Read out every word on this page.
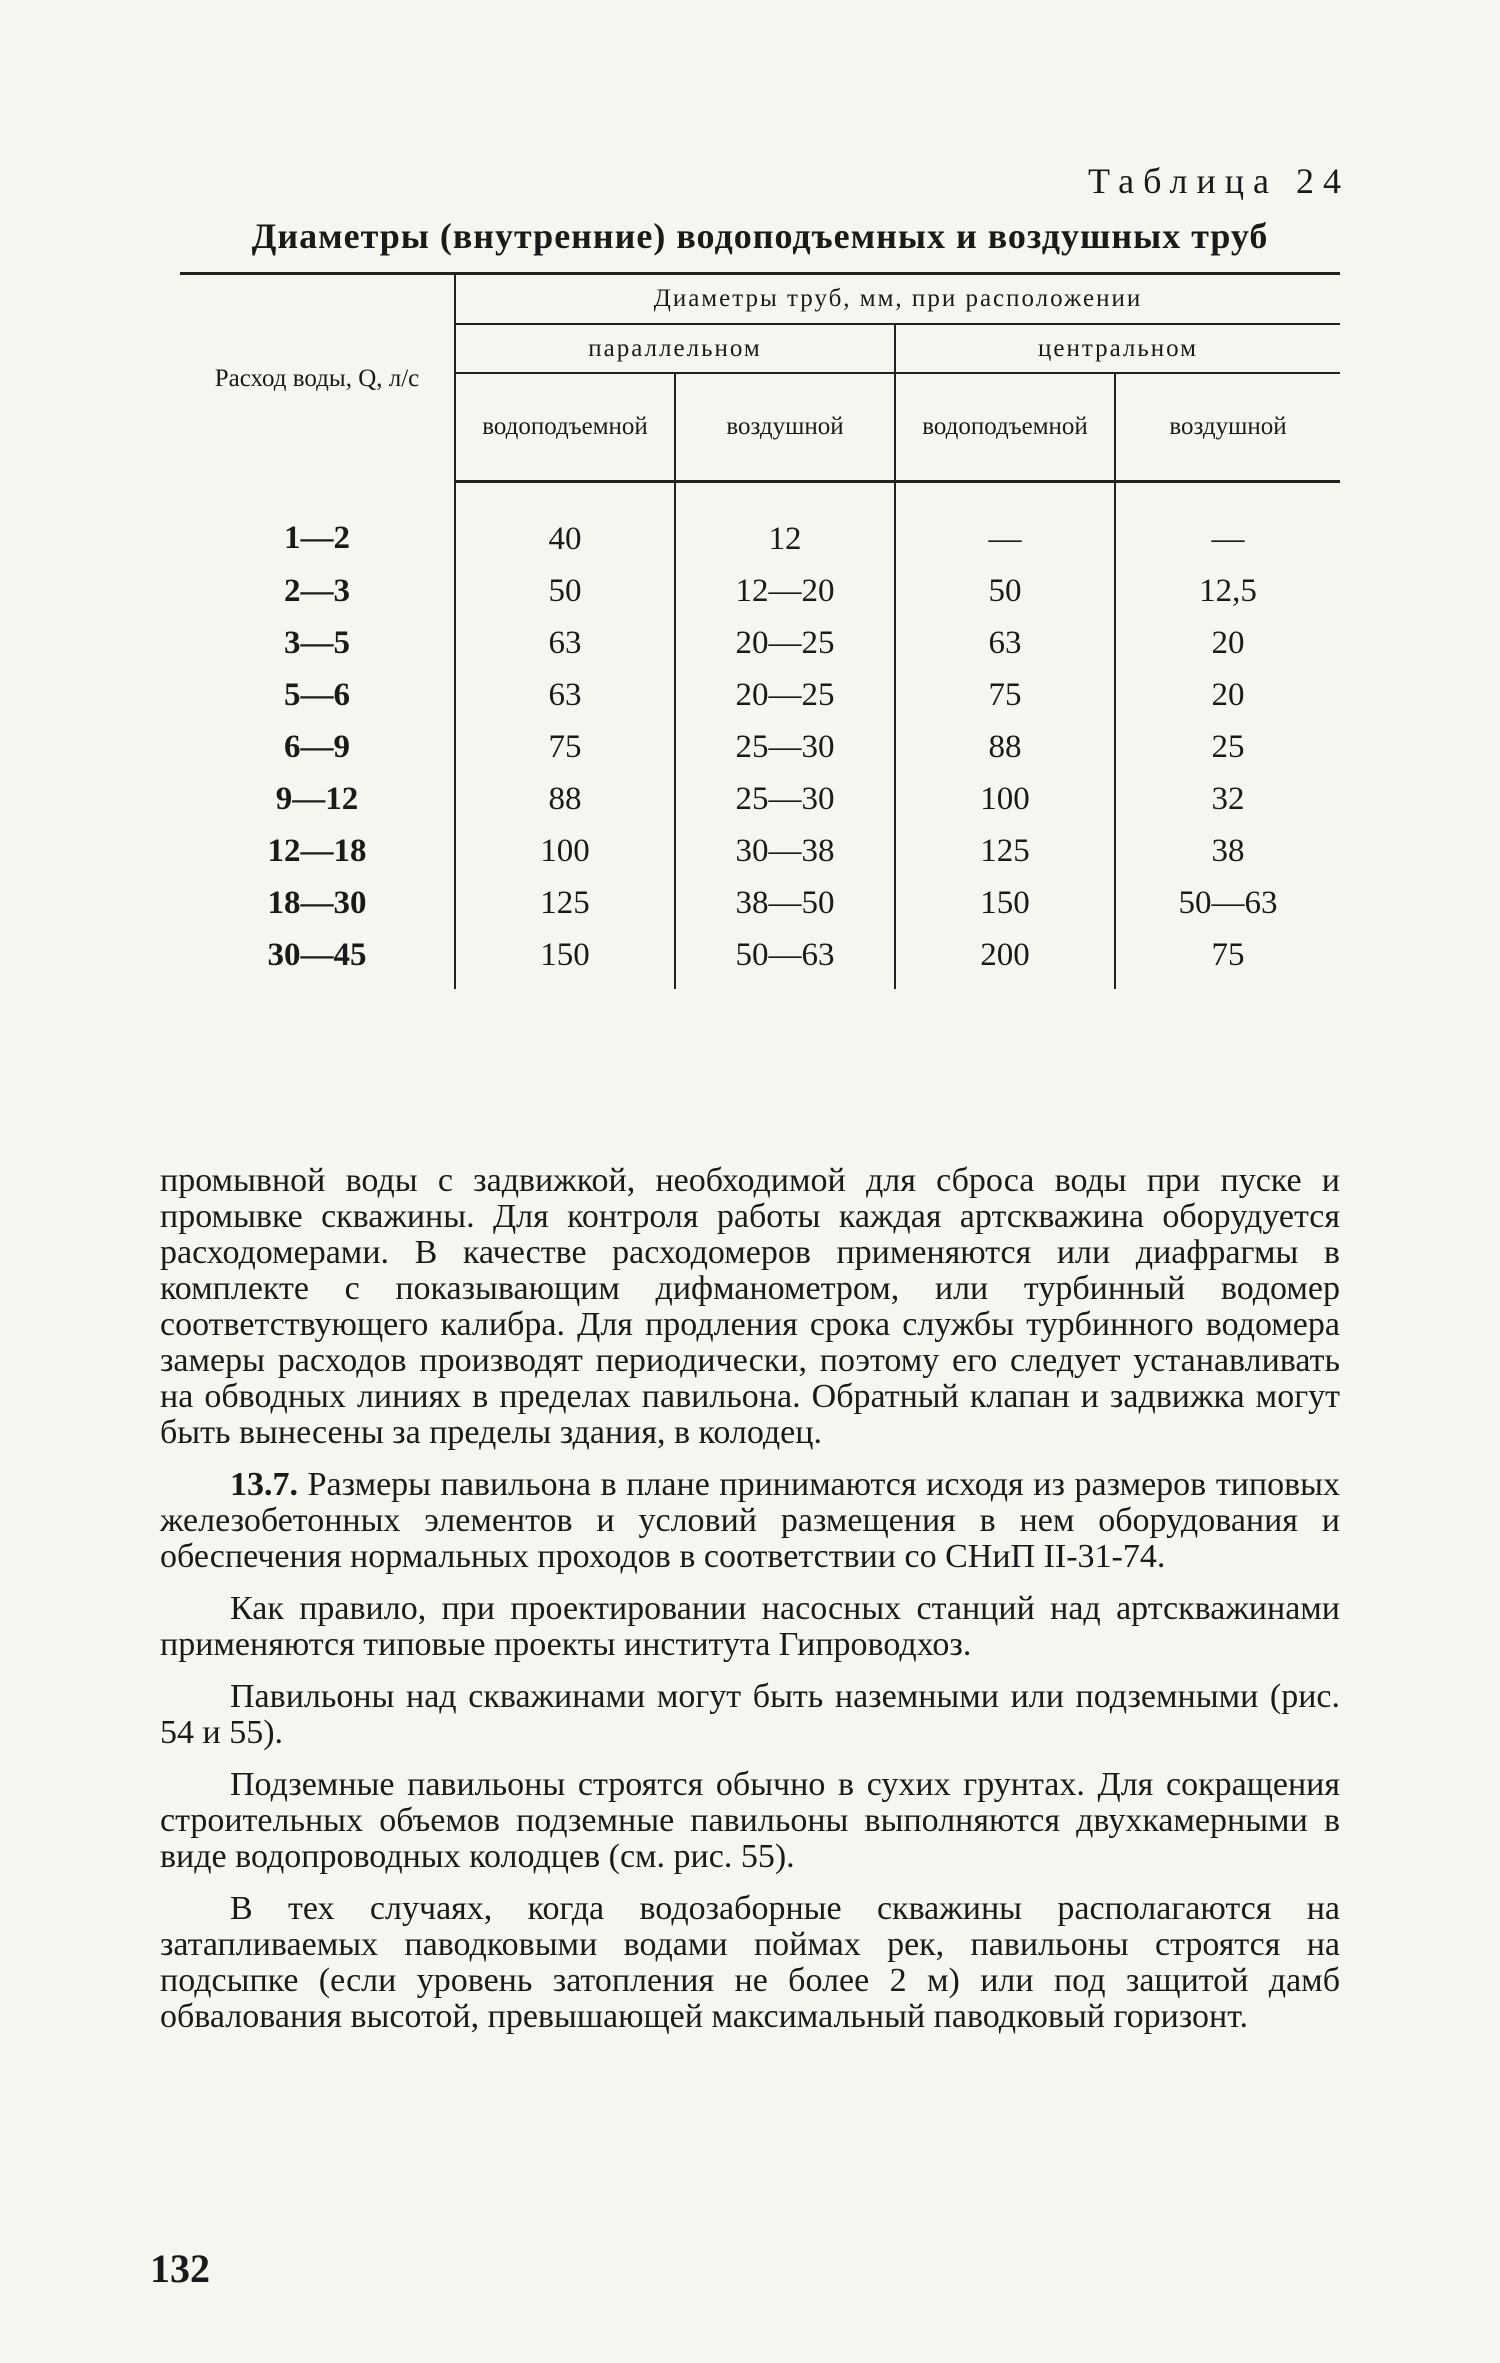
Таблица 24
Диаметры (внутренние) водоподъемных и воздушных труб
Расход воды, Q, л/с	Диаметры труб, мм, при расположении			
	параллельном		центральном	
	водоподъемной	воздушной	водоподъемной	воздушной
1—2	40	12	—	—
2—3	50	12—20	50	12,5
3—5	63	20—25	63	20
5—6	63	20—25	75	20
6—9	75	25—30	88	25
9—12	88	25—30	100	32
12—18	100	30—38	125	38
18—30	125	38—50	150	50—63
30—45	150	50—63	200	75

промывной воды с задвижкой, необходимой для сброса воды при пуске и промывке скважины. Для контроля работы каждая артскважина оборудуется расходомерами. В качестве расходомеров применяются или диафрагмы в комплекте с показывающим дифманометром, или турбинный водомер соответствующего калибра. Для продления срока службы турбинного водомера замеры расходов производят периодически, поэтому его следует устанавливать на обводных линиях в пределах павильона. Обратный клапан и задвижка могут быть вынесены за пределы здания, в колодец.

13.7. Размеры павильона в плане принимаются исходя из размеров типовых железобетонных элементов и условий размещения в нем оборудования и обеспечения нормальных проходов в соответствии со СНиП II-31-74.

Как правило, при проектировании насосных станций над артскважинами применяются типовые проекты института Гипроводхоз.

Павильоны над скважинами могут быть наземными или подземными (рис. 54 и 55).

Подземные павильоны строятся обычно в сухих грунтах. Для сокращения строительных объемов подземные павильоны выполняются двухкамерными в виде водопроводных колодцев (см. рис. 55).

В тех случаях, когда водозаборные скважины располагаются на затапливаемых паводковыми водами поймах рек, павильоны строятся на подсыпке (если уровень затопления не более 2 м) или под защитой дамб обвалования высотой, превышающей максимальный паводковый горизонт.

132
